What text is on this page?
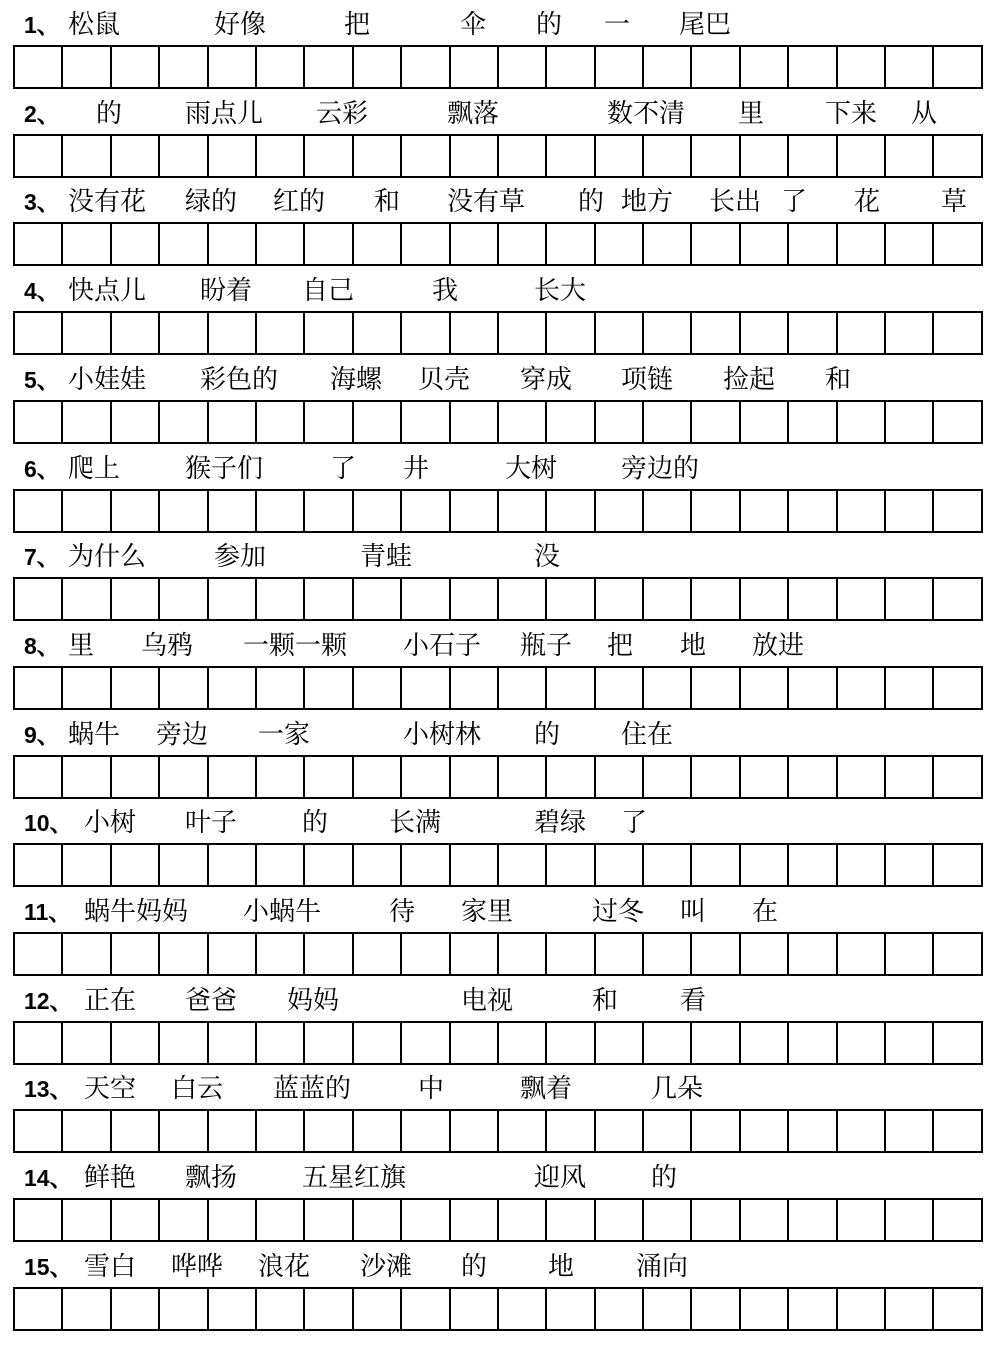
1、 松鼠	好像	把	伞 的 一 尾巴
2、 的 雨点儿 云彩	飘落	数不清 里 下来 从
3、 没有花 绿的 红的 和 没有草 的 地方 长出 了 花 草
4、 快点儿 盼着 自己	我	长大
5、 小娃娃 彩色的 海螺 贝壳 穿成 项链 捡起 和
6、 爬上 猴子们	了 井	大树 旁边的
7、 为什么	参加	青蛙	没
8、 里 乌鸦 一颗一颗 小石子 瓶子 把 地 放进
9、 蜗牛 旁边 一家	小树林 的 住在
10、 小树 叶子 的 长满	碧绿 了
11、 蜗牛妈妈 小蜗牛	待 家里	过冬 叫 在
12、 正在 爸爸 妈妈	电视	和 看
13、 天空 白云 蓝蓝的	中	飘着	几朵
14、 鲜艳 飘扬 五星红旗	迎风 的
15、 雪白 哗哗 浪花 沙滩 的 地 涌向
